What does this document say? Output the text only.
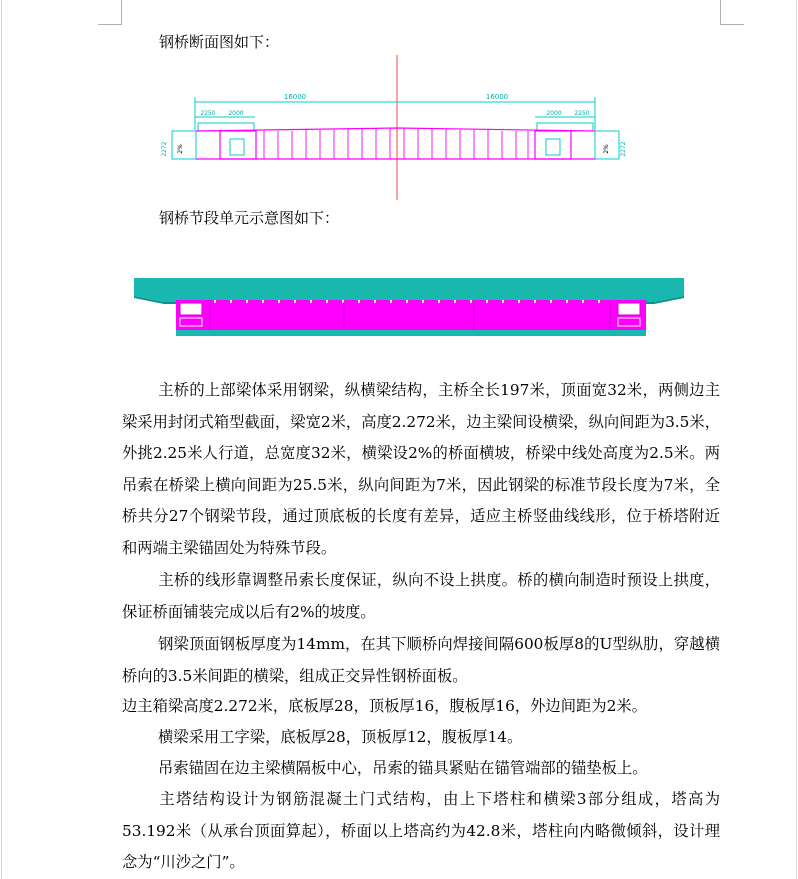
钢桥断面图如下：
16000	16000
2250 2000	2000 2250
2272	2272
2%	2%
钢桥节段单元示意图如下：
主桥的上部梁体采用钢梁，纵横梁结构，主桥全长197米，顶面宽32米，两侧边主梁采用封闭式箱型截面，梁宽2米，高度2.272米，边主梁间设横梁，纵向间距为3.5米，外挑2.25米人行道，总宽度32米，横梁设2%的桥面横坡，桥梁中线处高度为2.5米。两吊索在桥梁上横向间距为25.5米，纵向间距为7米，因此钢梁的标准节段长度为7米，全桥共分27个钢梁节段，通过顶底板的长度有差异，适应主桥竖曲线线形，位于桥塔附近和两端主梁锚固处为特殊节段。
主桥的线形靠调整吊索长度保证，纵向不设上拱度。桥的横向制造时预设上拱度，保证桥面铺装完成以后有2%的坡度。
钢梁顶面钢板厚度为14mm，在其下顺桥向焊接间隔600板厚8的U型纵肋，穿越横桥向的3.5米间距的横梁，组成正交异性钢桥面板。
边主箱梁高度2.272米，底板厚28，顶板厚16，腹板厚16，外边间距为2米。
横梁采用工字梁，底板厚28，顶板厚12，腹板厚14。
吊索锚固在边主梁横隔板中心，吊索的锚具紧贴在锚管端部的锚垫板上。
主塔结构设计为钢筋混凝土门式结构，由上下塔柱和横梁3部分组成，塔高为53.192米（从承台顶面算起），桥面以上塔高约为42.8米，塔柱向内略微倾斜，设计理念为“川沙之门”。
